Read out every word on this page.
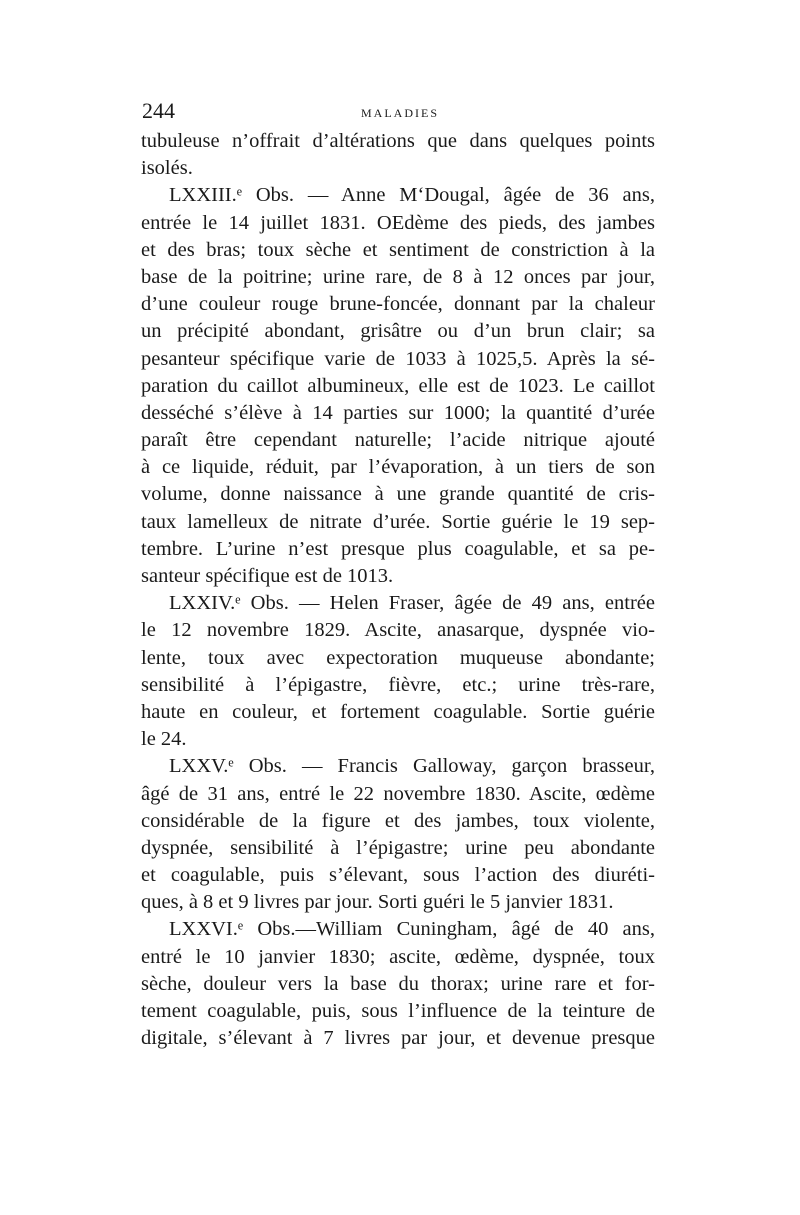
244	MALADIES
tubuleuse n’offrait d’altérations que dans quelques points
isolés.
LXXIII.ᵉ Obs. — Anne M‘Dougal, âgée de 36 ans,
entrée le 14 juillet 1831. OEdème des pieds, des jambes
et des bras; toux sèche et sentiment de constriction à la
base de la poitrine; urine rare, de 8 à 12 onces par jour,
d’une couleur rouge brune-foncée, donnant par la chaleur
un précipité abondant, grisâtre ou d’un brun clair; sa
pesanteur spécifique varie de 1033 à 1025,5. Après la sé-
paration du caillot albumineux, elle est de 1023. Le caillot
desséché s’élève à 14 parties sur 1000; la quantité d’urée
paraît être cependant naturelle; l’acide nitrique ajouté
à ce liquide, réduit, par l’évaporation, à un tiers de son
volume, donne naissance à une grande quantité de cris-
taux lamelleux de nitrate d’urée. Sortie guérie le 19 sep-
tembre. L’urine n’est presque plus coagulable, et sa pe-
santeur spécifique est de 1013.
LXXIV.ᵉ Obs. — Helen Fraser, âgée de 49 ans, entrée
le 12 novembre 1829. Ascite, anasarque, dyspnée vio-
lente, toux avec expectoration muqueuse abondante;
sensibilité à l’épigastre, fièvre, etc.; urine très-rare,
haute en couleur, et fortement coagulable. Sortie guérie
le 24.
LXXV.ᵉ Obs. — Francis Galloway, garçon brasseur,
âgé de 31 ans, entré le 22 novembre 1830. Ascite, œdème
considérable de la figure et des jambes, toux violente,
dyspnée, sensibilité à l’épigastre; urine peu abondante
et coagulable, puis s’élevant, sous l’action des diuréti-
ques, à 8 et 9 livres par jour. Sorti guéri le 5 janvier 1831.
LXXVI.ᵉ Obs.—William Cuningham, âgé de 40 ans,
entré le 10 janvier 1830; ascite, œdème, dyspnée, toux
sèche, douleur vers la base du thorax; urine rare et for-
tement coagulable, puis, sous l’influence de la teinture de
digitale, s’élevant à 7 livres par jour, et devenue presque
